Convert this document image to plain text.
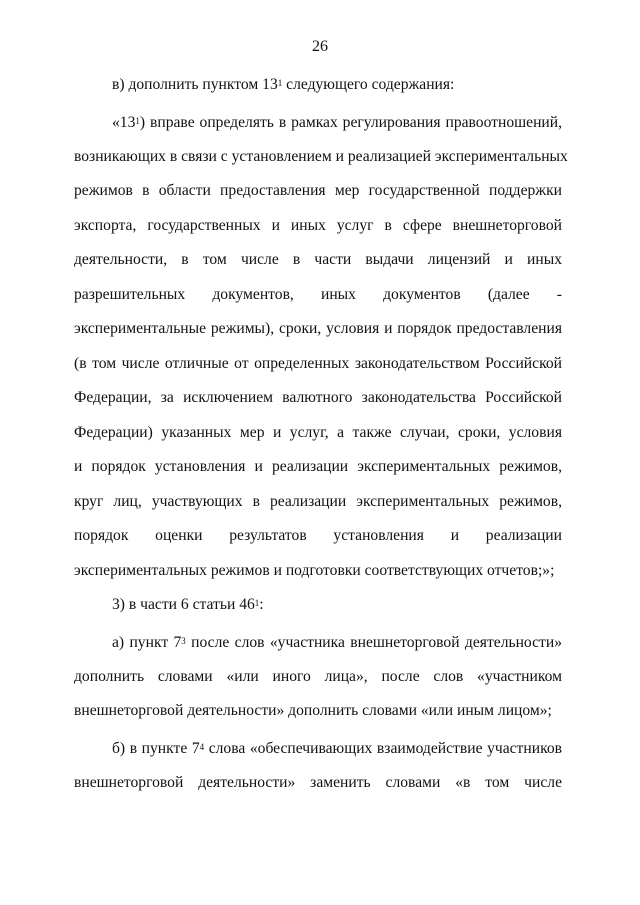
26
в) дополнить пунктом $13^1$ следующего содержания:
«$13^1$) вправе определять в рамках регулирования правоотношений,
возникающих в связи с установлением и реализацией экспериментальных
режимов в области предоставления мер государственной поддержки
экспорта, государственных и иных услуг в сфере внешнеторговой
деятельности, в том числе в части выдачи лицензий и иных
разрешительных документов, иных документов (далее -
экспериментальные режимы), сроки, условия и порядок предоставления
(в том числе отличные от определенных законодательством Российской
Федерации, за исключением валютного законодательства Российской
Федерации) указанных мер и услуг, а также случаи, сроки, условия
и порядок установления и реализации экспериментальных режимов,
круг лиц, участвующих в реализации экспериментальных режимов,
порядок оценки результатов установления и реализации
экспериментальных режимов и подготовки соответствующих отчетов;»;
3) в части 6 статьи $46^1$:
а) пункт $7^3$ после слов «участника внешнеторговой деятельности»
дополнить словами «или иного лица», после слов «участником
внешнеторговой деятельности» дополнить словами «или иным лицом»;
б) в пункте $7^4$ слова «обеспечивающих взаимодействие участников
внешнеторговой деятельности» заменить словами «в том числе
